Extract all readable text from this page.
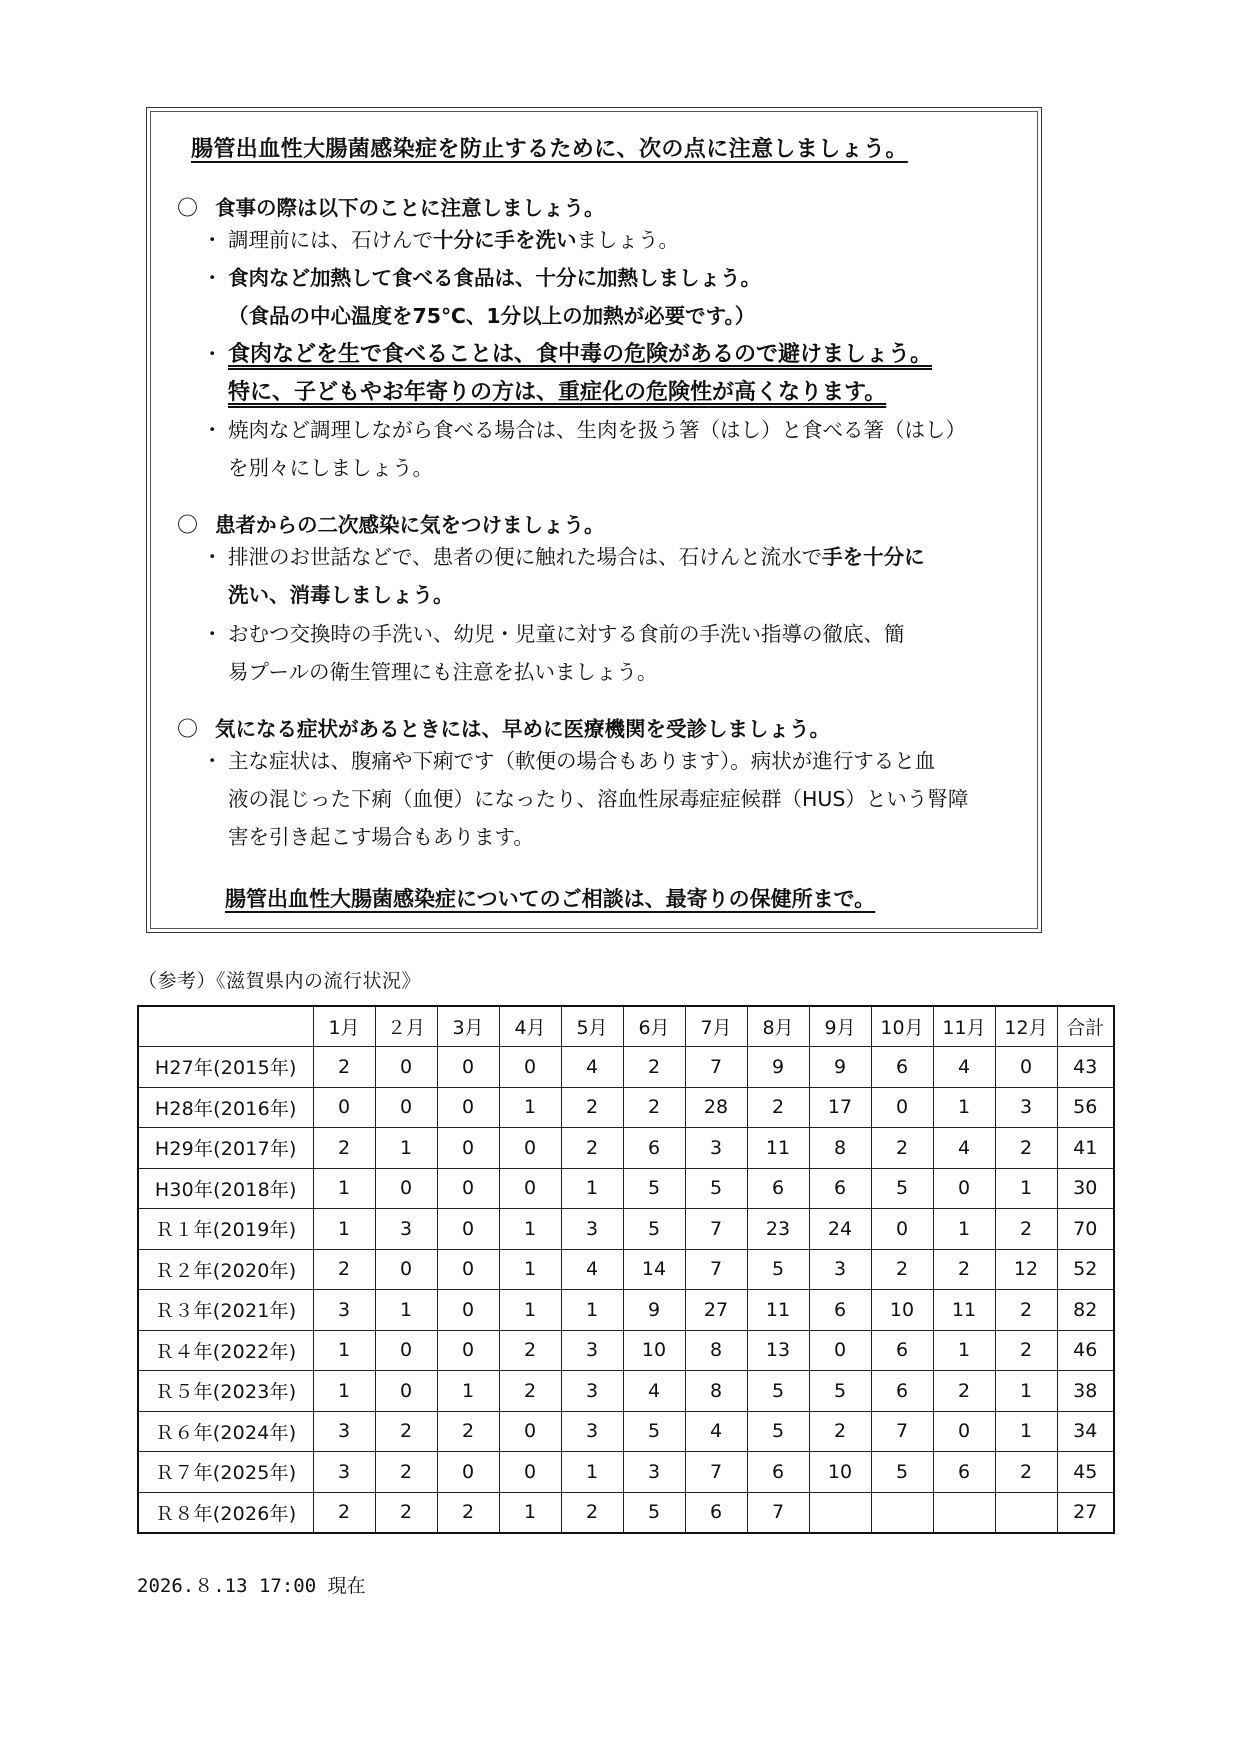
腸管出血性大腸菌感染症を防止するために、次の点に注意しましょう。
〇 食事の際は以下のことに注意しましょう。
・ 調理前には、石けんで十分に手を洗いましょう。
・ 食肉など加熱して食べる食品は、十分に加熱しましょう。
（食品の中心温度を75℃、1分以上の加熱が必要です。）
・ 食肉などを生で食べることは、食中毒の危険があるので避けましょう。
特に、子どもやお年寄りの方は、重症化の危険性が高くなります。
・ 焼肉など調理しながら食べる場合は、生肉を扱う箸（はし）と食べる箸（はし）
を別々にしましょう。
〇 患者からの二次感染に気をつけましょう。
・ 排泄のお世話などで、患者の便に触れた場合は、石けんと流水で手を十分に
洗い、消毒しましょう。
・ おむつ交換時の手洗い、幼児・児童に対する食前の手洗い指導の徹底、簡
易プールの衛生管理にも注意を払いましょう。
〇 気になる症状があるときには、早めに医療機関を受診しましょう。
・ 主な症状は、腹痛や下痢です（軟便の場合もあります）。病状が進行すると血
液の混じった下痢（血便）になったり、溶血性尿毒症症候群（HUS）という腎障
害を引き起こす場合もあります。
腸管出血性大腸菌感染症についてのご相談は、最寄りの保健所まで。
（参考）《滋賀県内の流行状況》
	1月	２月	3月	4月	5月	6月	7月	8月	9月	10月	11月	12月	合計
H27年(2015年)	2	0	0	0	4	2	7	9	9	6	4	0	43
H28年(2016年)	0	0	0	1	2	2	28	2	17	0	1	3	56
H29年(2017年)	2	1	0	0	2	6	3	11	8	2	4	2	41
H30年(2018年)	1	0	0	0	1	5	5	6	6	5	0	1	30
Ｒ１年(2019年)	1	3	0	1	3	5	7	23	24	0	1	2	70
Ｒ２年(2020年)	2	0	0	1	4	14	7	5	3	2	2	12	52
Ｒ３年(2021年)	3	1	0	1	1	9	27	11	6	10	11	2	82
Ｒ４年(2022年)	1	0	0	2	3	10	8	13	0	6	1	2	46
Ｒ５年(2023年)	1	0	1	2	3	4	8	5	5	6	2	1	38
Ｒ６年(2024年)	3	2	2	0	3	5	4	5	2	7	0	1	34
Ｒ７年(2025年)	3	2	0	0	1	3	7	6	10	5	6	2	45
Ｒ８年(2026年)	2	2	2	1	2	5	6	7					27
2026.８.13 17:00 現在
